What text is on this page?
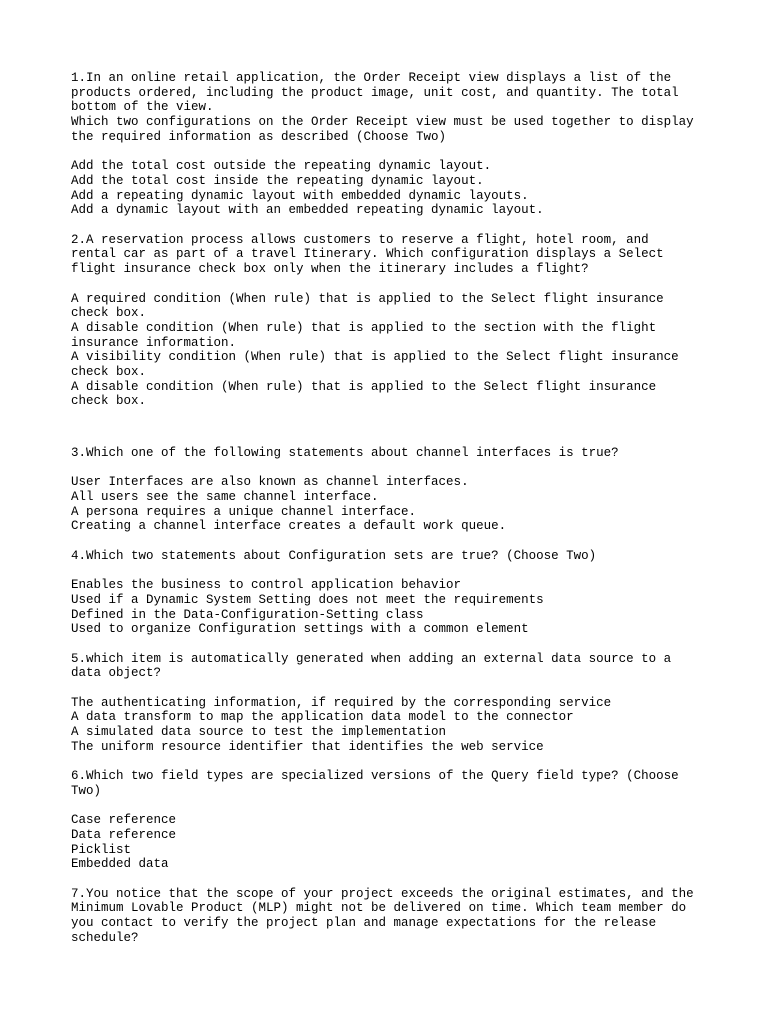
1.In an online retail application, the Order Receipt view displays a list of the
products ordered, including the product image, unit cost, and quantity. The total
bottom of the view.
Which two configurations on the Order Receipt view must be used together to display
the required information as described (Choose Two)
Add the total cost outside the repeating dynamic layout.
Add the total cost inside the repeating dynamic layout.
Add a repeating dynamic layout with embedded dynamic layouts.
Add a dynamic layout with an embedded repeating dynamic layout.
2.A reservation process allows customers to reserve a flight, hotel room, and
rental car as part of a travel Itinerary. Which configuration displays a Select
flight insurance check box only when the itinerary includes a flight?
A required condition (When rule) that is applied to the Select flight insurance
check box.
A disable condition (When rule) that is applied to the section with the flight
insurance information.
A visibility condition (When rule) that is applied to the Select flight insurance
check box.
A disable condition (When rule) that is applied to the Select flight insurance
check box.
3.Which one of the following statements about channel interfaces is true?
User Interfaces are also known as channel interfaces.
All users see the same channel interface.
A persona requires a unique channel interface.
Creating a channel interface creates a default work queue.
4.Which two statements about Configuration sets are true? (Choose Two)
Enables the business to control application behavior
Used if a Dynamic System Setting does not meet the requirements
Defined in the Data-Configuration-Setting class
Used to organize Configuration settings with a common element
5.which item is automatically generated when adding an external data source to a
data object?
The authenticating information, if required by the corresponding service
A data transform to map the application data model to the connector
A simulated data source to test the implementation
The uniform resource identifier that identifies the web service
6.Which two field types are specialized versions of the Query field type? (Choose
Two)
Case reference
Data reference
Picklist
Embedded data
7.You notice that the scope of your project exceeds the original estimates, and the
Minimum Lovable Product (MLP) might not be delivered on time. Which team member do
you contact to verify the project plan and manage expectations for the release
schedule?
